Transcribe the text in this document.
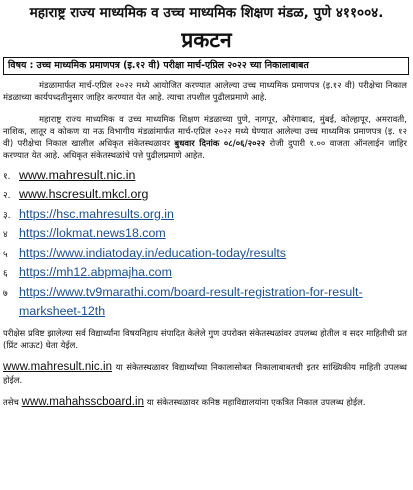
महाराष्ट्र राज्य माध्यमिक व उच्च माध्यमिक शिक्षण मंडळ, पुणे ४११००४.
प्रकटन
विषय : उच्च माध्यमिक प्रमाणपत्र (इ.१२ वी) परीक्षा मार्च-एप्रिल २०२२ च्या निकालाबाबत
मंडळामार्फत मार्च-एप्रिल २०२२ मध्ये आयोजित करण्यात आलेल्या उच्च माध्यमिक प्रमाणपत्र (इ.१२ वी) परीक्षेचा निकाल मंडळाच्या कार्यपध्दतीनुसार जाहिर करण्यात येत आहे. त्याचा तपशील पुढीलप्रमाणे आहे.
महाराष्ट्र राज्य माध्यमिक व उच्च माध्यमिक शिक्षण मंडळाच्या पुणे, नागपूर, औरंगाबाद, मुंबई, कोल्हापूर, अमरावती, नाशिक, लातूर व कोकण या नऊ विभागीय मंडळांमार्फत मार्च-एप्रिल २०२२ मध्ये घेण्यात आलेल्या उच्च माध्यमिक प्रमाणपत्र (इ. १२ वी) परीक्षेचा निकाल खालील अधिकृत संकेतस्थळावर बुधवार दिनांक ०८/०६/२०२२ रोजी दुपारी १.०० वाजता ऑनलाईन जाहिर करण्यात येत आहे. अधिकृत संकेतस्थळांचे पत्ते पुढीलप्रमाणे आहेत.
१. www.mahresult.nic.in
२. www.hscresult.mkcl.org
३. https://hsc.mahresults.org.in
४ https://lokmat.news18.com
५ https://www.indiatoday.in/education-today/results
६ https://mh12.abpmajha.com
७ https://www.tv9marathi.com/board-result-registration-for-result-
marksheet-12th
परीक्षेस प्रविष्ट झालेल्या सर्व विद्यार्थ्यांना विषयनिहाय संपादित केलेले गुण उपरोक्त संकेतस्थळांवर उपलब्ध होतील व सदर माहितीची प्रत (प्रिंट आऊट) घेता येईल.
www.mahresult.nic.in या संकेतस्थळावर विद्यार्थ्यांच्या निकालासोबत निकालाबाबतची इतर सांख्यिकीय माहिती उपलब्ध होईल.
तसेच www.mahahsscboard.in या संकेतस्थळावर कनिष्ठ महाविद्यालयांना एकत्रित निकाल उपलब्ध होईल.
